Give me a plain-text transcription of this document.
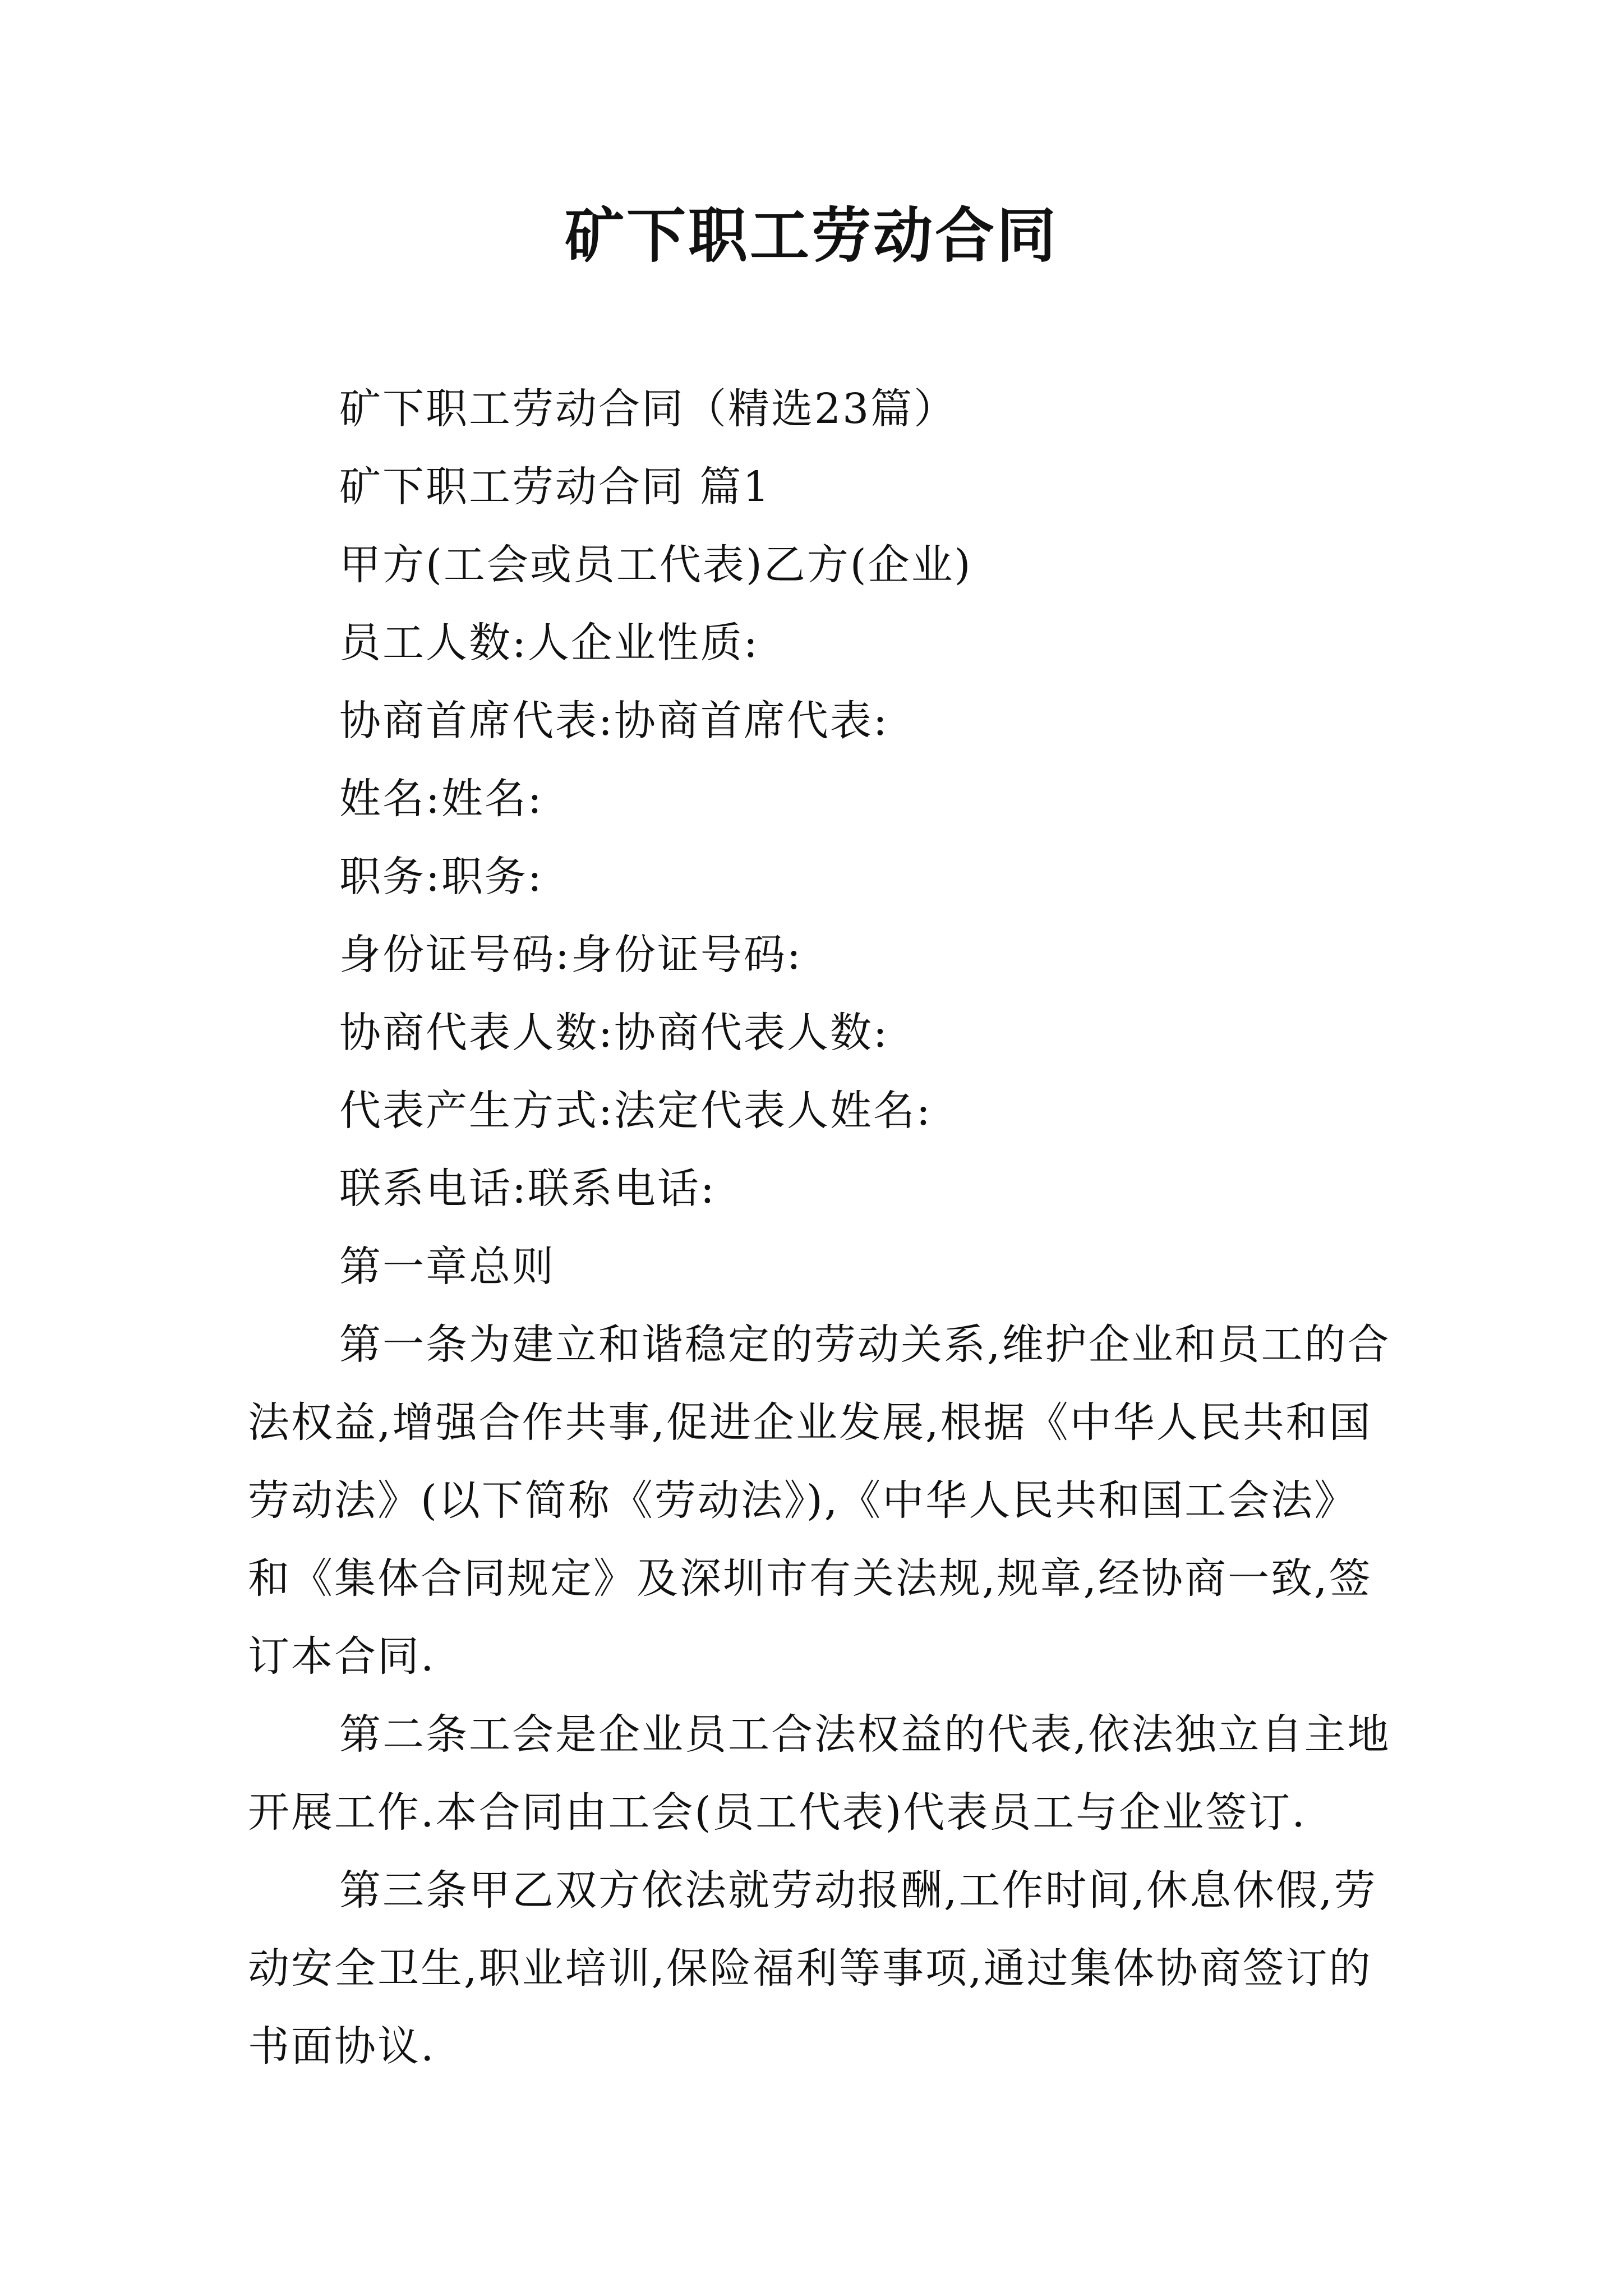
矿下职工劳动合同

矿下职工劳动合同（精选23篇）

矿下职工劳动合同 篇1

甲方(工会或员工代表)乙方(企业)

员工人数:人企业性质:

协商首席代表:协商首席代表:

姓名:姓名:

职务:职务:

身份证号码:身份证号码:

协商代表人数:协商代表人数:

代表产生方式:法定代表人姓名:

联系电话:联系电话:

第一章总则

第一条为建立和谐稳定的劳动关系,维护企业和员工的合法权益,增强合作共事,促进企业发展,根据《中华人民共和国劳动法》(以下简称《劳动法》),《中华人民共和国工会法》和《集体合同规定》及深圳市有关法规,规章,经协商一致,签订本合同.

第二条工会是企业员工合法权益的代表,依法独立自主地开展工作.本合同由工会(员工代表)代表员工与企业签订.

第三条甲乙双方依法就劳动报酬,工作时间,休息休假,劳动安全卫生,职业培训,保险福利等事项,通过集体协商签订的书面协议.
